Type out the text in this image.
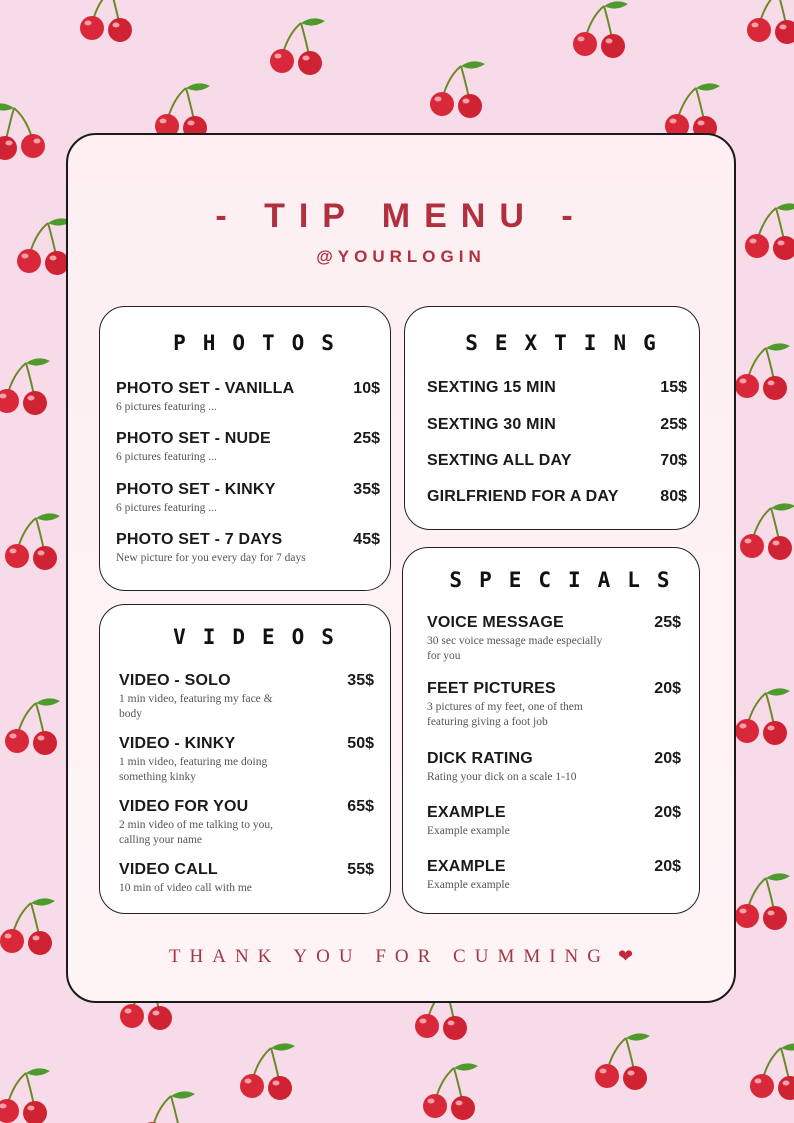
- TIP MENU -
@YOURLOGIN
PHOTOS
PHOTO SET - VANILLA	10$
6 pictures featuring ...
PHOTO SET - NUDE	25$
6 pictures featuring ...
PHOTO SET - KINKY	35$
6 pictures featuring ...
PHOTO SET - 7 DAYS	45$
New picture for you every day for 7 days
SEXTING
SEXTING 15 MIN	15$
SEXTING 30 MIN	25$
SEXTING ALL DAY	70$
GIRLFRIEND FOR A DAY	80$
VIDEOS
VIDEO - SOLO	35$
1 min video, featuring my face & body
VIDEO - KINKY	50$
1 min video, featuring me doing something kinky
VIDEO FOR YOU	65$
2 min video of me talking to you, calling your name
VIDEO CALL	55$
10 min of video call with me
SPECIALS
VOICE MESSAGE	25$
30 sec voice message made especially for you
FEET PICTURES	20$
3 pictures of my feet, one of them featuring giving a foot job
DICK RATING	20$
Rating your dick on a scale 1-10
EXAMPLE	20$
Example example
EXAMPLE	20$
Example example
THANK YOU FOR CUMMING ❤
